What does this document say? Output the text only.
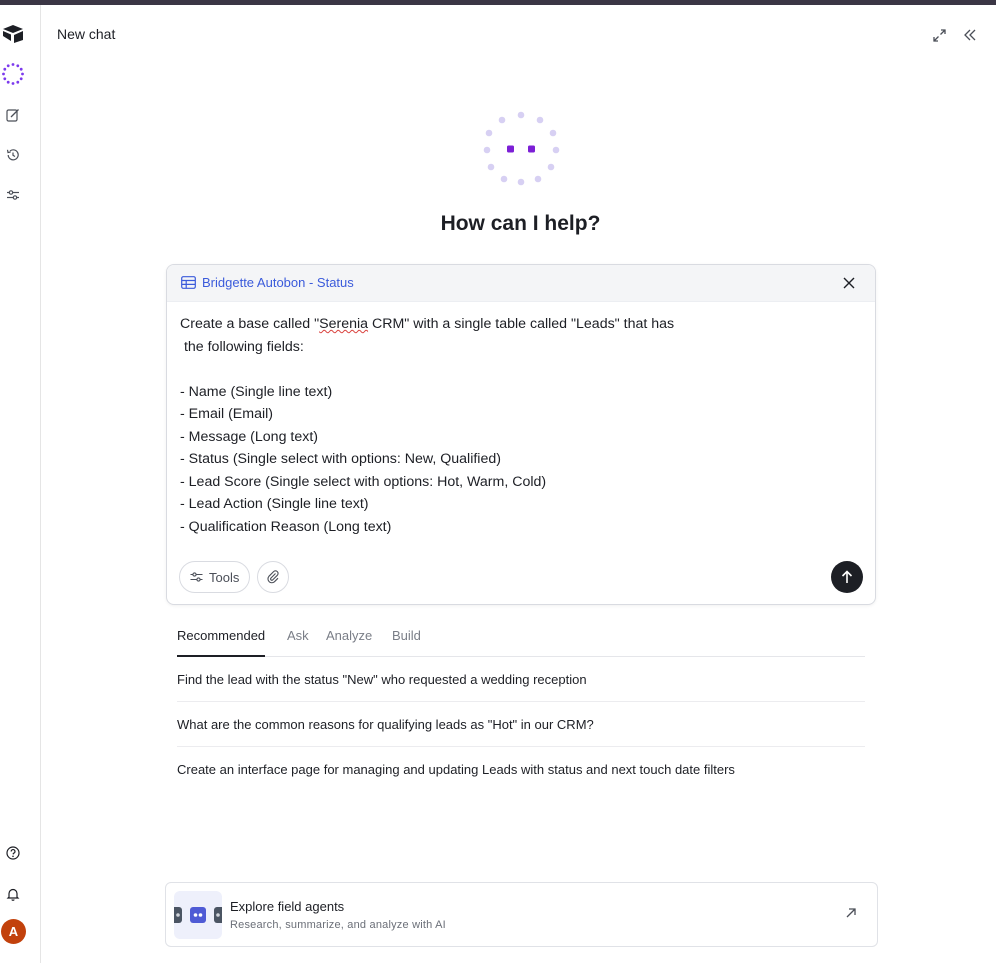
A
New chat
How can I help?
Bridgette Autobon - Status
Create a base called "Serenia CRM" with a single table called "Leads" that has
the following fields:

- Name (Single line text)
- Email (Email)
- Message (Long text)
- Status (Single select with options: New, Qualified)
- Lead Score (Single select with options: Hot, Warm, Cold)
- Lead Action (Single line text)
- Qualification Reason (Long text)
Tools
Recommended Ask Analyze Build
Find the lead with the status "New" who requested a wedding reception
What are the common reasons for qualifying leads as "Hot" in our CRM?
Create an interface page for managing and updating Leads with status and next touch date filters
Explore field agents
Research, summarize, and analyze with AI
